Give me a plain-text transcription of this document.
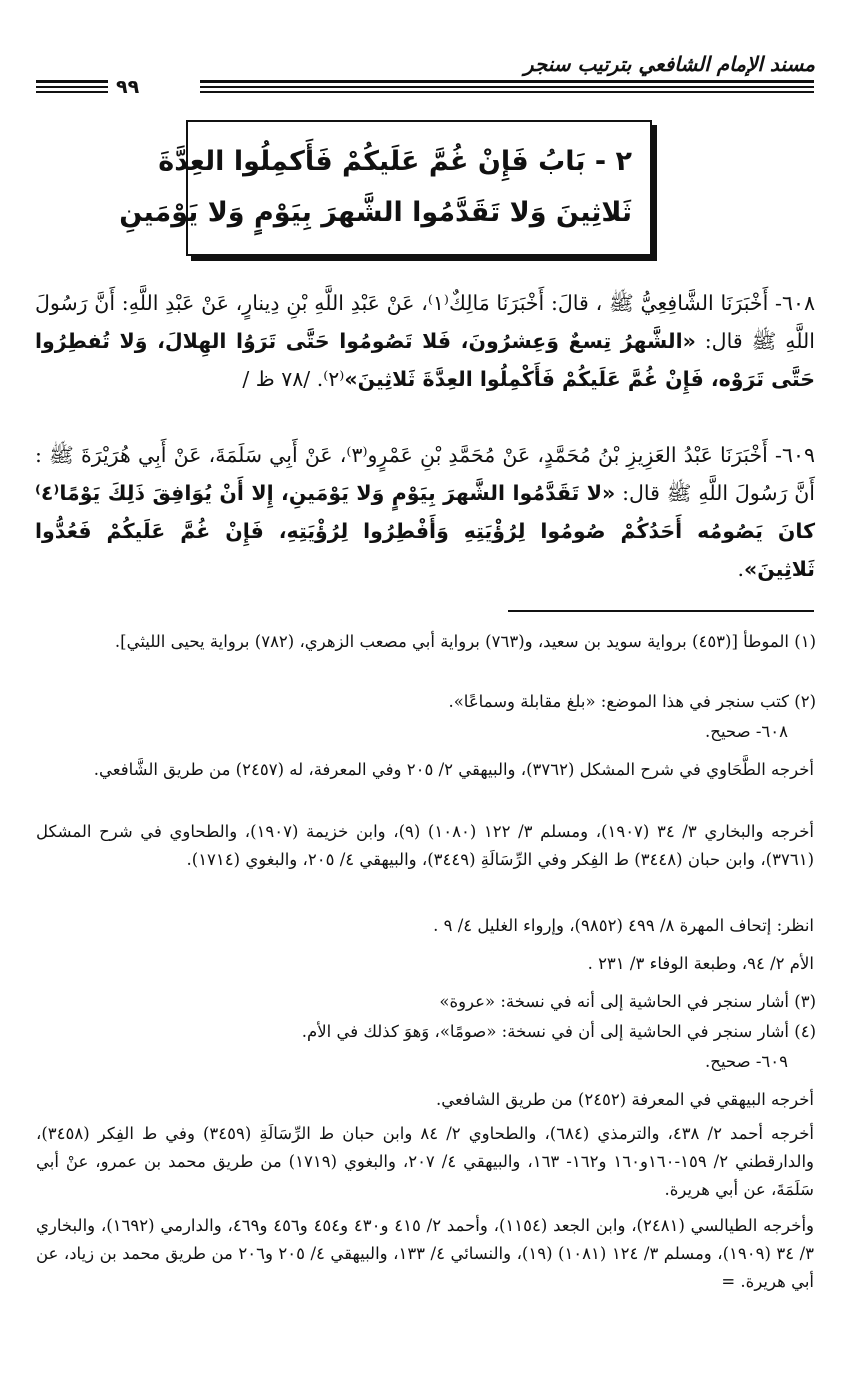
مسند الإمام الشافعي بترتيب سنجر
٩٩
٢ - بَابُ فَإِنْ غُمَّ عَلَيكُمْ فَأَكمِلُوا العِدَّةَ
ثَلاثِينَ وَلا تَقَدَّمُوا الشَّهرَ بِيَوْمٍ وَلا يَوْمَينِ
٦٠٨- أَخْبَرَنَا الشَّافِعِيُّ ﷺ ، قالَ: أَخْبَرَنَا مَالِكٌ⁽١⁾، عَنْ عَبْدِ اللَّهِ بْنِ دِينارٍ، عَنْ عَبْدِ اللَّهِ: أَنَّ رَسُولَ اللَّهِ ﷺ قال: «الشَّهرُ تِسعٌ وَعِشرُونَ، فَلا تَصُومُوا حَتَّى تَرَوُا الهِلالَ، وَلا تُفطِرُوا حَتَّى تَرَوْه، فَإِنْ غُمَّ عَلَيكُمْ فَأَكْمِلُوا العِدَّةَ ثَلاثِينَ»⁽٢⁾. /٧٨ ظ /
٦٠٩- أَخْبَرَنَا عَبْدُ العَزِيزِ بْنُ مُحَمَّدٍ، عَنْ مُحَمَّدِ بْنِ عَمْرٍو⁽٣⁾، عَنْ أَبِي سَلَمَةَ، عَنْ أَبِي هُرَيْرَةَ ﷺ : أَنَّ رَسُولَ اللَّهِ ﷺ قال: «لا تَقَدَّمُوا الشَّهرَ بِيَوْمٍ وَلا يَوْمَينِ، إِلا أَنْ يُوَافِقَ ذَلِكَ يَوْمًا⁽٤⁾ كانَ يَصُومُه أَحَدُكُمْ صُومُوا لِرُؤْيَتِهِ وَأَفْطِرُوا لِرُؤْيَتِهِ، فَإِنْ غُمَّ عَلَيكُمْ فَعُدُّوا ثَلاثِينَ».
(١) الموطأ [(٤٥٣) برواية سويد بن سعيد، و(٧٦٣) برواية أبي مصعب الزهري، (٧٨٢) برواية يحيى الليثي].
(٢) كتب سنجر في هذا الموضع: «بلغ مقابلة وسماعًا».
٦٠٨- صحيح.
أخرجه الطَّحَاوي في شرح المشكل (٣٧٦٢)، والبيهقي ٢/ ٢٠٥ وفي المعرفة، له (٢٤٥٧) من طريق الشَّافعي.
أخرجه والبخاري ٣/ ٣٤ (١٩٠٧)، ومسلم ٣/ ١٢٢ (١٠٨٠) (٩)، وابن خزيمة (١٩٠٧)، والطحاوي في شرح المشكل (٣٧٦١)، وابن حبان (٣٤٤٨) ط الفِكر وفي الرِّسَالَةِ (٣٤٤٩)، والبيهقي ٤/ ٢٠٥، والبغوي (١٧١٤).
انظر: إتحاف المهرة ٨/ ٤٩٩ (٩٨٥٢)، وإرواء الغليل ٤/ ٩ .
الأم ٢/ ٩٤، وطبعة الوفاء ٣/ ٢٣١ .
(٣) أشار سنجر في الحاشية إلى أنه في نسخة: «عروة»
(٤) أشار سنجر في الحاشية إلى أن في نسخة: «صومًا»، وَهوَ كذلك في الأم.
٦٠٩- صحيح.
أخرجه البيهقي في المعرفة (٢٤٥٢) من طريق الشافعي.
أخرجه أحمد ٢/ ٤٣٨، والترمذي (٦٨٤)، والطحاوي ٢/ ٨٤ وابن حبان ط الرِّسَالَةِ (٣٤٥٩) وفي ط الفِكر (٣٤٥٨)، والدارقطني ٢/ ١٥٩-١٦٠و١٦٠ و١٦٢- ١٦٣، والبيهقي ٤/ ٢٠٧، والبغوي (١٧١٩) من طريق محمد بن عمرو، عنْ أبي سَلَمَةَ، عن أبي هريرة.
وأخرجه الطيالسي (٢٤٨١)، وابن الجعد (١١٥٤)، وأحمد ٢/ ٤١٥ و٤٣٠ و٤٥٤ و٤٥٦ و٤٦٩، والدارمي (١٦٩٢)، والبخاري ٣/ ٣٤ (١٩٠٩)، ومسلم ٣/ ١٢٤ (١٠٨١) (١٩)، والنسائي ٤/ ١٣٣، والبيهقي ٤/ ٢٠٥ و٢٠٦ من طريق محمد بن زياد، عن أبي هريرة. =
